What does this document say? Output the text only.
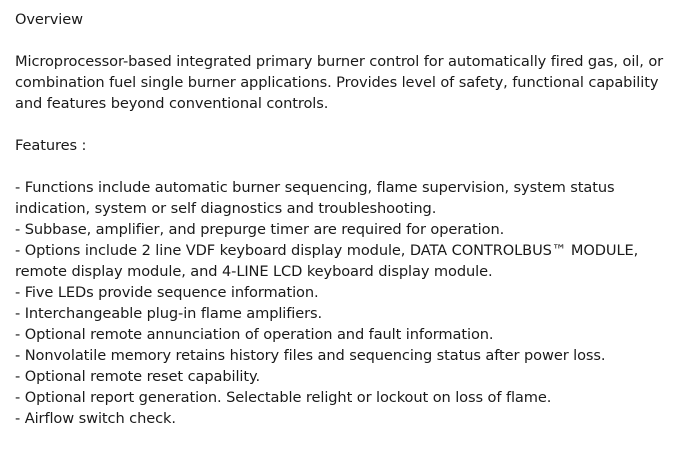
Overview

Microprocessor-based integrated primary burner control for automatically fired gas, oil, or combination fuel single burner applications. Provides level of safety, functional capability and features beyond conventional controls.

Features :

- Functions include automatic burner sequencing, flame supervision, system status indication, system or self diagnostics and troubleshooting.
- Subbase, amplifier, and prepurge timer are required for operation.
- Options include 2 line VDF keyboard display module, DATA CONTROLBUS™ MODULE, remote display module, and 4-LINE LCD keyboard display module.
- Five LEDs provide sequence information.
- Interchangeable plug-in flame amplifiers.
- Optional remote annunciation of operation and fault information.
- Nonvolatile memory retains history files and sequencing status after power loss.
- Optional remote reset capability.
- Optional report generation. Selectable relight or lockout on loss of flame.
- Airflow switch check.
